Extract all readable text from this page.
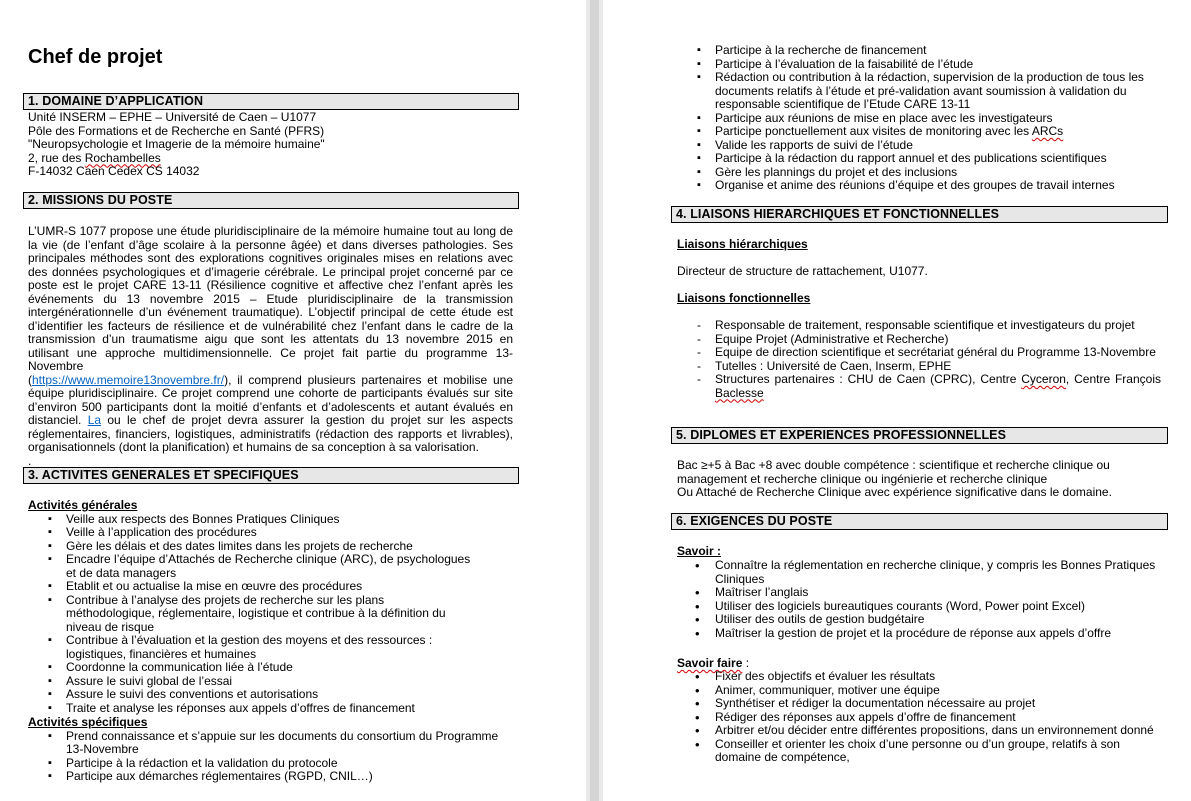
Chef de projet
1. DOMAINE D’APPLICATION
Unité INSERM – EPHE – Université de Caen – U1077
Pôle des Formations et de Recherche en Santé (PFRS)
"Neuropsychologie et Imagerie de la mémoire humaine"
2, rue des Rochambelles
F-14032 Caen Cedex CS 14032
2. MISSIONS DU POSTE

L’UMR-S 1077 propose une étude pluridisciplinaire de la mémoire humaine tout au long de la vie (de l’enfant d’âge scolaire à la personne âgée) et dans diverses pathologies. Ses principales méthodes sont des explorations cognitives originales mises en relations avec des données psychologiques et d’imagerie cérébrale. Le principal projet concerné par ce poste est le projet CARE 13-11 (Résilience cognitive et affective chez l’enfant après les événements du 13 novembre 2015 – Etude pluridisciplinaire de la transmission intergénérationnelle d’un événement traumatique). L’objectif principal de cette étude est d’identifier les facteurs de résilience et de vulnérabilité chez l’enfant dans le cadre de la transmission d’un traumatisme aigu que sont les attentats du 13 novembre 2015 en utilisant une approche multidimensionnelle. Ce projet fait partie du programme 13-Novembre

(https://www.memoire13novembre.fr/), il comprend plusieurs partenaires et mobilise une équipe pluridisciplinaire. Ce projet comprend une cohorte de participants évalués sur site d’environ 500 participants dont la moitié d’enfants et d’adolescents et autant évalués en distanciel. La ou le chef de projet devra assurer la gestion du projet sur les aspects réglementaires, financiers, logistiques, administratifs (rédaction des rapports et livrables), organisationnels (dont la planification) et humains de sa conception à sa valorisation.

.

3. ACTIVITES GENERALES ET SPECIFIQUES
Activités générales
▪ Veille aux respects des Bonnes Pratiques Cliniques
▪ Veille à l’application des procédures
▪ Gère les délais et des dates limites dans les projets de recherche
▪ Encadre l’équipe d’Attachés de Recherche clinique (ARC), de psychologues et de data managers
▪ Etablit et ou actualise la mise en œuvre des procédures
▪ Contribue à l’analyse des projets de recherche sur les plans méthodologique, réglementaire, logistique et contribue à la définition du niveau de risque
▪ Contribue à l’évaluation et la gestion des moyens et des ressources : logistiques, financières et humaines
▪ Coordonne la communication liée à l’étude
▪ Assure le suivi global de l’essai
▪ Assure le suivi des conventions et autorisations
▪ Traite et analyse les réponses aux appels d’offres de financement
Activités spécifiques
▪ Prend connaissance et s’appuie sur les documents du consortium du Programme 13-Novembre
▪ Participe à la rédaction et la validation du protocole
▪ Participe aux démarches réglementaires (RGPD, CNIL…)
▪ Participe à la recherche de financement
▪ Participe à l’évaluation de la faisabilité de l’étude
▪ Rédaction ou contribution à la rédaction, supervision de la production de tous les documents relatifs à l’étude et pré-validation avant soumission à validation du responsable scientifique de l’Etude CARE 13-11
▪ Participe aux réunions de mise en place avec les investigateurs
▪ Participe ponctuellement aux visites de monitoring avec les ARCs
▪ Valide les rapports de suivi de l’étude
▪ Participe à la rédaction du rapport annuel et des publications scientifiques
▪ Gère les plannings du projet et des inclusions
▪ Organise et anime des réunions d’équipe et des groupes de travail internes
4. LIAISONS HIERARCHIQUES ET FONCTIONNELLES
Liaisons hiérarchiques
Directeur de structure de rattachement, U1077.
Liaisons fonctionnelles
- Responsable de traitement, responsable scientifique et investigateurs du projet
- Equipe Projet (Administrative et Recherche)
- Equipe de direction scientifique et secrétariat général du Programme 13-Novembre
- Tutelles : Université de Caen, Inserm, EPHE
- Structures partenaires : CHU de Caen (CPRC), Centre Cyceron, Centre François Baclesse
5. DIPLOMES ET EXPERIENCES PROFESSIONNELLES
Bac ≥+5 à Bac +8 avec double compétence : scientifique et recherche clinique ou
management et recherche clinique ou ingénierie et recherche clinique
Ou Attaché de Recherche Clinique avec expérience significative dans le domaine.
6. EXIGENCES DU POSTE
Savoir :
• Connaître la réglementation en recherche clinique, y compris les Bonnes Pratiques Cliniques
• Maîtriser l’anglais
• Utiliser des logiciels bureautiques courants (Word, Power point Excel)
• Utiliser des outils de gestion budgétaire
• Maîtriser la gestion de projet et la procédure de réponse aux appels d’offre
Savoir faire :
• Fixer des objectifs et évaluer les résultats
• Animer, communiquer, motiver une équipe
• Synthétiser et rédiger la documentation nécessaire au projet
• Rédiger des réponses aux appels d’offre de financement
• Arbitrer et/ou décider entre différentes propositions, dans un environnement donné
• Conseiller et orienter les choix d’une personne ou d’un groupe, relatifs à son domaine de compétence,
